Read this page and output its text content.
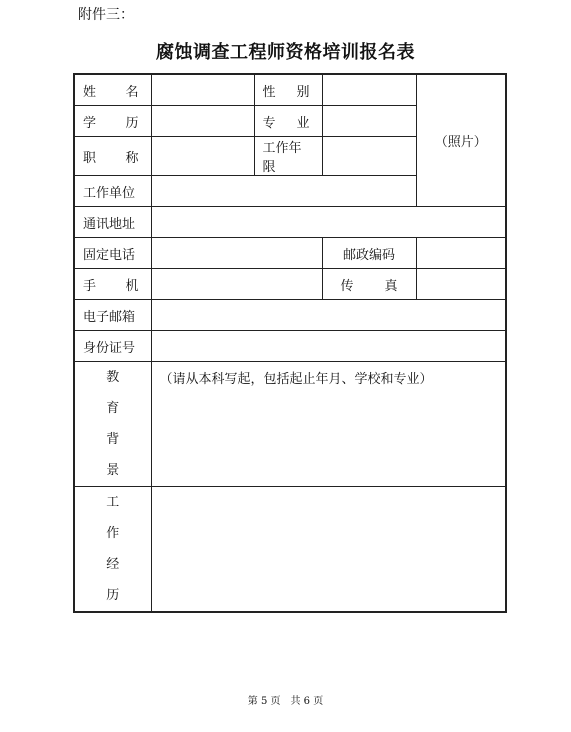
附件三：
腐蚀调查工程师资格培训报名表
姓 名		性 别		（照片）

学 历		专 业		

职 称		工作年限		
工作单位				
通讯地址				
固定电话			邮政编码	

手 机			传 真	

电子邮箱				
身份证号				

教
育
背
景	（请从本科写起，包括起止年月、学校和专业）			

工
作
经
历				

第 5 页　共 6 页
